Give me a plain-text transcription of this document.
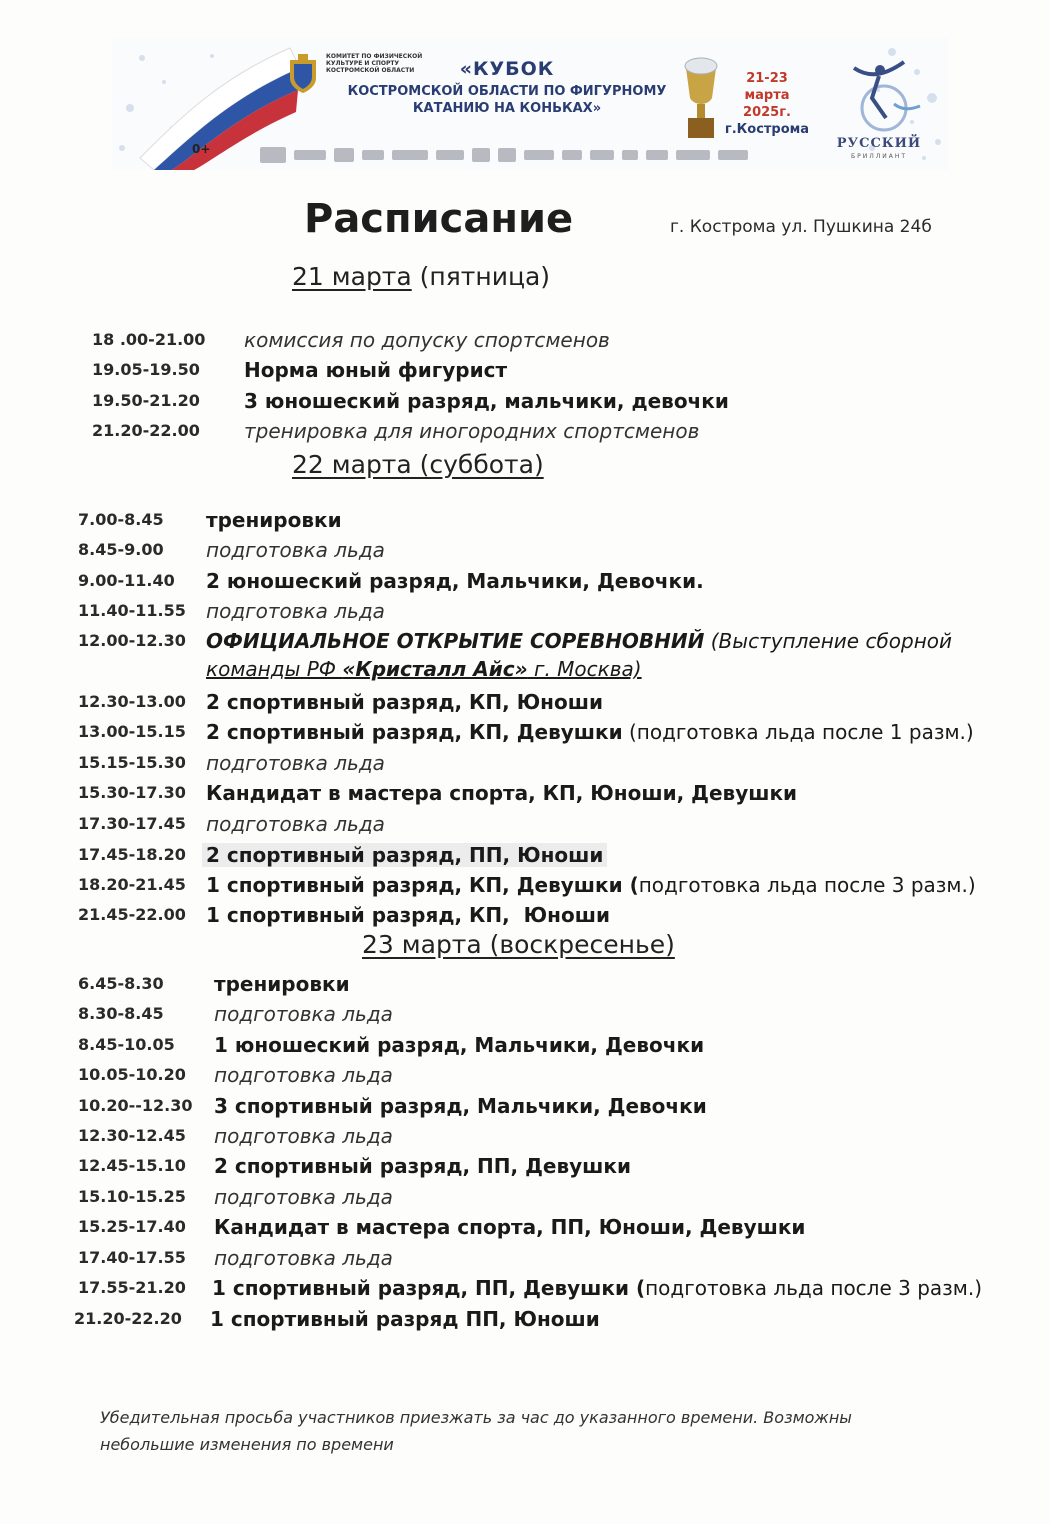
0+
КОМИТЕТ ПО ФИЗИЧЕСКОЙ КУЛЬТУРЕ И СПОРТУ КОСТРОМСКОЙ ОБЛАСТИ	«КУБОК
КОСТРОМСКОЙ ОБЛАСТИ ПО ФИГУРНОМУ
КАТАНИЮ НА КОНЬКАХ»
21-23
марта 2025г.
г.Кострома
РУССКИЙ
БРИЛЛИАНТ
Расписание	г. Кострома ул. Пушкина 24б
21 марта (пятница)
18 .00-21.00 комиссия по допуску спортсменов
19.05-19.50 Норма юный фигурист
19.50-21.20 3 юношеский разряд, мальчики, девочки
21.20-22.00 тренировка для иногородних спортсменов
22 марта (суббота)
7.00-8.45 тренировки
8.45-9.00 подготовка льда
9.00-11.40 2 юношеский разряд, Мальчики, Девочки.
11.40-11.55 подготовка льда
12.00-12.30 ОФИЦИАЛЬНОЕ ОТКРЫТИЕ СОРЕВНОВНИЙ (Выступление сборной
команды РФ «Кристалл Айс» г. Москва)
12.30-13.00 2 спортивный разряд, КП, Юноши
13.00-15.15 2 спортивный разряд, КП, Девушки (подготовка льда после 1 разм.)
15.15-15.30 подготовка льда
15.30-17.30 Кандидат в мастера спорта, КП, Юноши, Девушки
17.30-17.45 подготовка льда
17.45-18.20 2 спортивный разряд, ПП, Юноши
18.20-21.45 1 спортивный разряд, КП, Девушки (подготовка льда после 3 разм.)
21.45-22.00 1 спортивный разряд, КП,  Юноши
23 марта (воскресенье)
6.45-8.30	тренировки
8.30-8.45	подготовка льда
8.45-10.05 1 юношеский разряд, Мальчики, Девочки
10.05-10.20 подготовка льда
10.20--12.30 3 спортивный разряд, Мальчики, Девочки
12.30-12.45 подготовка льда
12.45-15.10 2 спортивный разряд, ПП, Девушки
15.10-15.25 подготовка льда
15.25-17.40 Кандидат в мастера спорта, ПП, Юноши, Девушки
17.40-17.55 подготовка льда
17.55-21.20 1 спортивный разряд, ПП, Девушки (подготовка льда после 3 разм.)
21.20-22.20 1 спортивный разряд ПП, Юноши
Убедительная просьба участников приезжать за час до указанного времени. Возможны небольшие изменения по времени
